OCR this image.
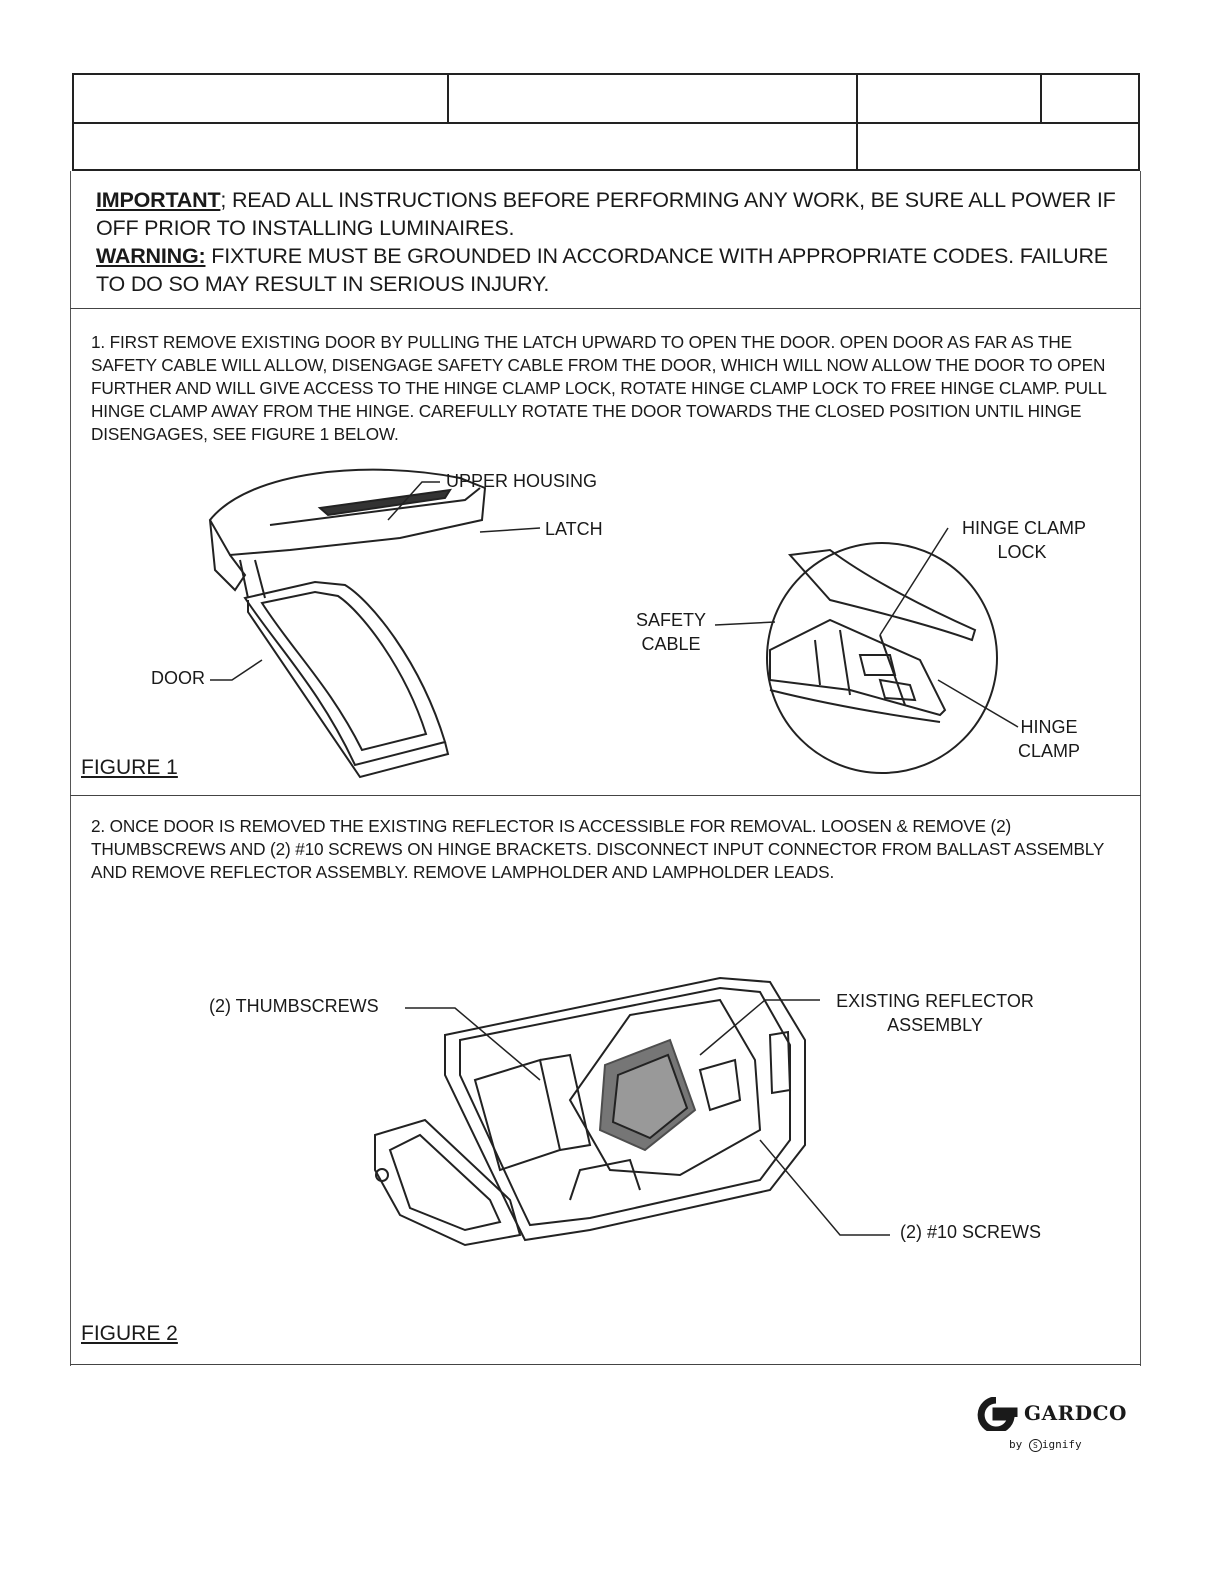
IMPORTANT; READ ALL INSTRUCTIONS BEFORE PERFORMING ANY WORK, BE SURE ALL POWER IF OFF PRIOR TO INSTALLING LUMINAIRES.
WARNING: FIXTURE MUST BE GROUNDED IN ACCORDANCE WITH APPROPRIATE CODES. FAILURE TO DO SO MAY RESULT IN SERIOUS INJURY.
1. FIRST REMOVE EXISTING DOOR BY PULLING THE LATCH UPWARD TO OPEN THE DOOR. OPEN DOOR AS FAR AS THE SAFETY CABLE WILL ALLOW, DISENGAGE SAFETY CABLE FROM THE DOOR, WHICH WILL NOW ALLOW THE DOOR TO OPEN FURTHER AND WILL GIVE ACCESS TO THE HINGE CLAMP LOCK, ROTATE HINGE CLAMP LOCK TO FREE HINGE CLAMP. PULL HINGE CLAMP AWAY FROM THE HINGE. CAREFULLY ROTATE THE DOOR TOWARDS THE CLOSED POSITION UNTIL HINGE DISENGAGES, SEE FIGURE 1 BELOW.
UPPER HOUSING
LATCH
DOOR
SAFETY
CABLE
HINGE CLAMP
LOCK
HINGE
CLAMP
FIGURE 1
2. ONCE DOOR IS REMOVED THE EXISTING REFLECTOR IS ACCESSIBLE FOR REMOVAL. LOOSEN & REMOVE (2) THUMBSCREWS AND (2) #10 SCREWS ON HINGE BRACKETS. DISCONNECT INPUT CONNECTOR FROM BALLAST ASSEMBLY AND REMOVE REFLECTOR ASSEMBLY. REMOVE LAMPHOLDER AND LAMPHOLDER LEADS.
(2) THUMBSCREWS	EXISTING REFLECTOR
ASSEMBLY
(2) #10 SCREWS
FIGURE 2
GARDCO
by S ignify
